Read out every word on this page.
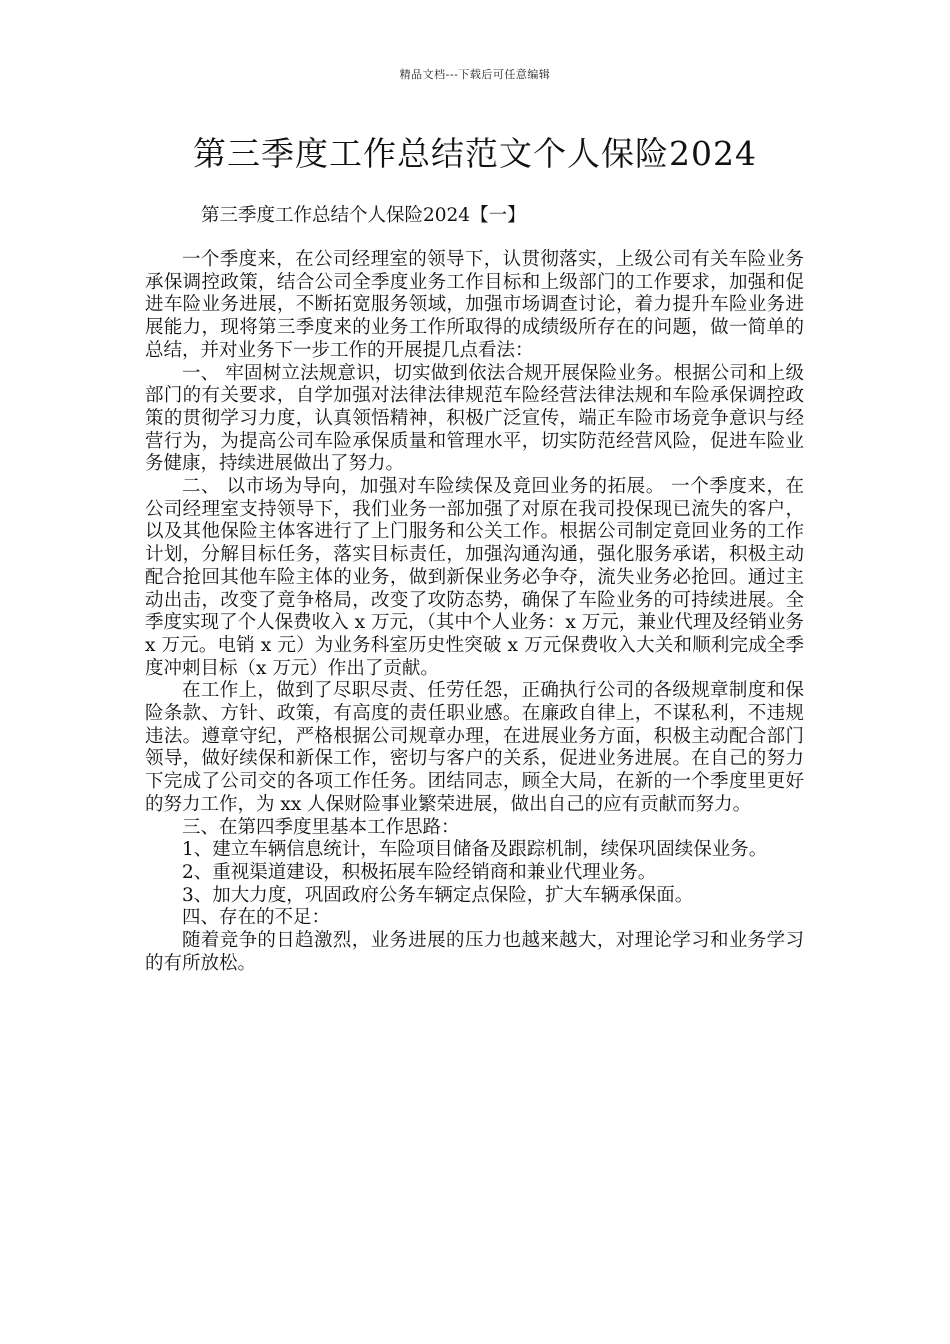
精品文档---下载后可任意编辑
第三季度工作总结范文个人保险2024
第三季度工作总结个人保险2024【一】

一个季度来，在公司经理室的领导下，认贯彻落实，上级公司有关车险业务承保调控政策，结合公司全季度业务工作目标和上级部门的工作要求，加强和促进车险业务进展，不断拓宽服务领域，加强市场调查讨论，着力提升车险业务进展能力，现将第三季度来的业务工作所取得的成绩级所存在的问题，做一简单的总结，并对业务下一步工作的开展提几点看法：

一、 牢固树立法规意识，切实做到依法合规开展保险业务。根据公司和上级部门的有关要求，自学加强对法律法律规范车险经营法律法规和车险承保调控政策的贯彻学习力度，认真领悟精神，积极广泛宣传，端正车险市场竞争意识与经营行为，为提高公司车险承保质量和管理水平，切实防范经营风险，促进车险业务健康，持续进展做出了努力。

二、 以市场为导向，加强对车险续保及竟回业务的拓展。 一个季度来，在公司经理室支持领导下，我们业务一部加强了对原在我司投保现已流失的客户，以及其他保险主体客进行了上门服务和公关工作。根据公司制定竟回业务的工作计划，分解目标任务，落实目标责任，加强沟通沟通，强化服务承诺，积极主动配合抢回其他车险主体的业务，做到新保业务必争夺，流失业务必抢回。通过主动出击，改变了竟争格局，改变了攻防态势，确保了车险业务的可持续进展。全季度实现了个人保费收入 x 万元，（其中个人业务：x 万元，兼业代理及经销业务 x 万元。电销 x 元）为业务科室历史性突破 x 万元保费收入大关和顺利完成全季度冲刺目标（x 万元）作出了贡献。

在工作上，做到了尽职尽责、任劳任怨，正确执行公司的各级规章制度和保险条款、方针、政策，有高度的责任职业感。在廉政自律上，不谋私利，不违规违法。遵章守纪，严格根据公司规章办理，在进展业务方面，积极主动配合部门领导，做好续保和新保工作，密切与客户的关系，促进业务进展。在自己的努力下完成了公司交的各项工作任务。团结同志，顾全大局，在新的一个季度里更好的努力工作，为 xx 人保财险事业繁荣进展，做出自己的应有贡献而努力。

三、在第四季度里基本工作思路：

1、建立车辆信息统计，车险项目储备及跟踪机制，续保巩固续保业务。

2、重视渠道建设，积极拓展车险经销商和兼业代理业务。

3、加大力度，巩固政府公务车辆定点保险，扩大车辆承保面。

四、存在的不足：

随着竞争的日趋激烈，业务进展的压力也越来越大，对理论学习和业务学习的有所放松。
